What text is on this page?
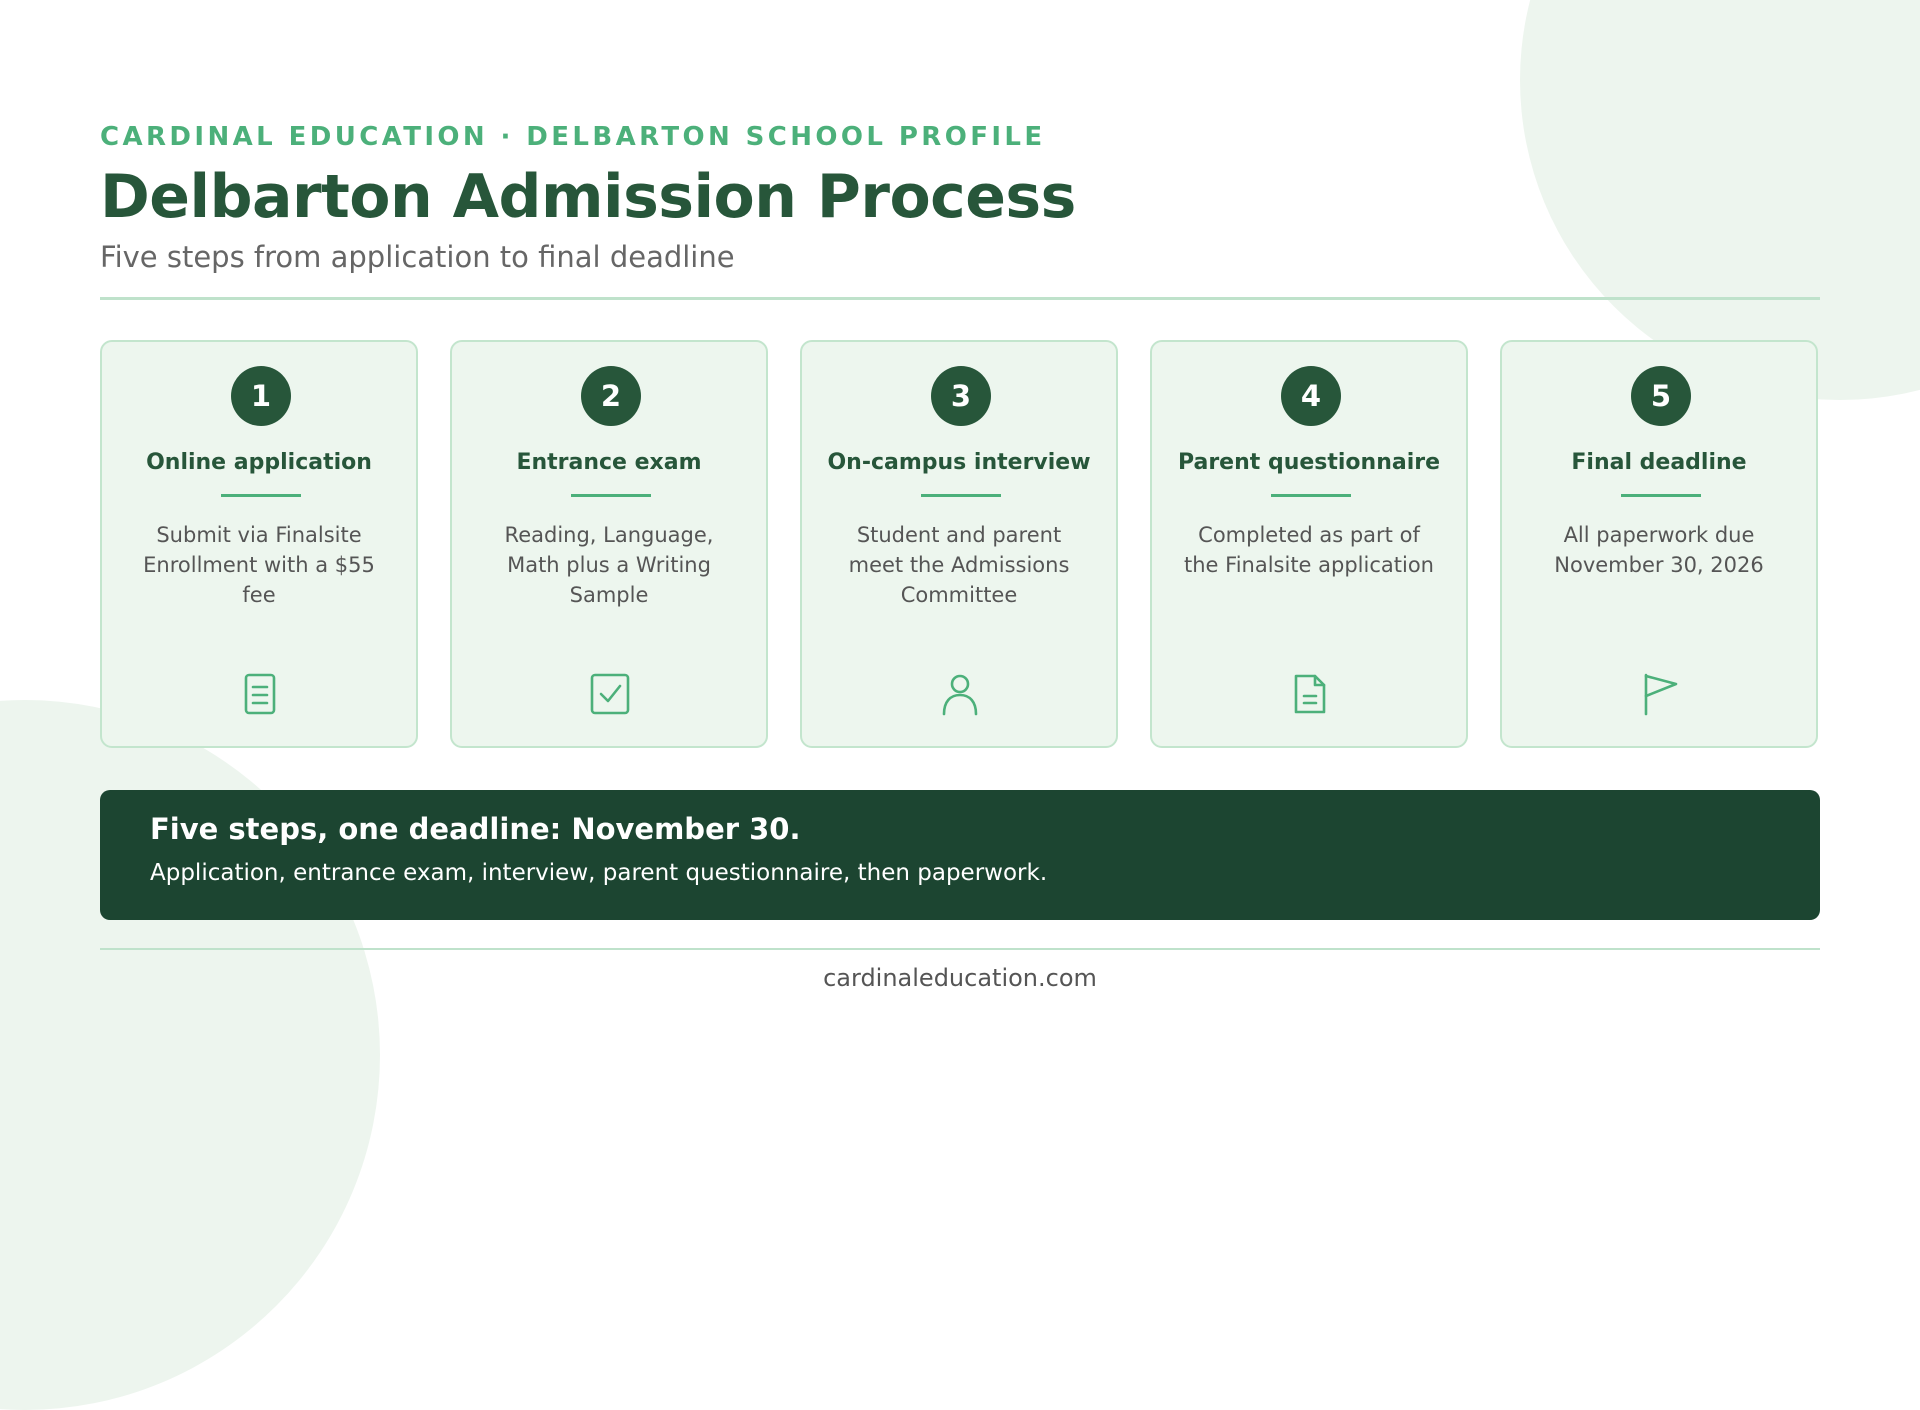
CARDINAL EDUCATION · DELBARTON SCHOOL PROFILE
Delbarton Admission Process
Five steps from application to final deadline
1
Online application
Submit via Finalsite Enrollment with a $55 fee
2
Entrance exam
Reading, Language, Math plus a Writing Sample
3
On-campus interview
Student and parent meet the Admissions Committee
4
Parent questionnaire
Completed as part of the Finalsite application
5
Final deadline
All paperwork due November 30, 2026
Five steps, one deadline: November 30.
Application, entrance exam, interview, parent questionnaire, then paperwork.
cardinaleducation.com
